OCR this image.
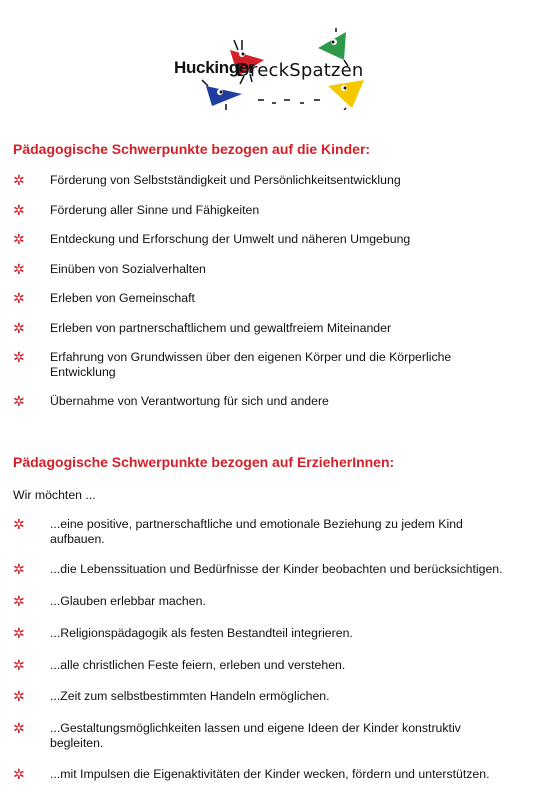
Huckinger
DreckSpatzen
Pädagogische Schwerpunkte bezogen auf die Kinder:
✲ Förderung von Selbstständigkeit und Persönlichkeitsentwicklung
✲ Förderung aller Sinne und Fähigkeiten
✲ Entdeckung und Erforschung der Umwelt und näheren Umgebung
✲ Einüben von Sozialverhalten
✲ Erleben von Gemeinschaft
✲ Erleben von partnerschaftlichem und gewaltfreiem Miteinander
✲ Erfahrung von Grundwissen über den eigenen Körper und die Körperliche Entwicklung
✲ Übernahme von Verantwortung für sich und andere
Pädagogische Schwerpunkte bezogen auf ErzieherInnen:
Wir möchten ...
✲ ...eine positive, partnerschaftliche und emotionale Beziehung zu jedem Kind aufbauen.
✲ ...die Lebenssituation und Bedürfnisse der Kinder beobachten und berücksichtigen.
✲ ...Glauben erlebbar machen.
✲ ...Religionspädagogik als festen Bestandteil integrieren.
✲ ...alle christlichen Feste feiern, erleben und verstehen.
✲ ...Zeit zum selbstbestimmten Handeln ermöglichen.
✲ ...Gestaltungsmöglichkeiten lassen und eigene Ideen der Kinder konstruktiv begleiten.
✲ ...mit Impulsen die Eigenaktivitäten der Kinder wecken, fördern und unterstützen.
